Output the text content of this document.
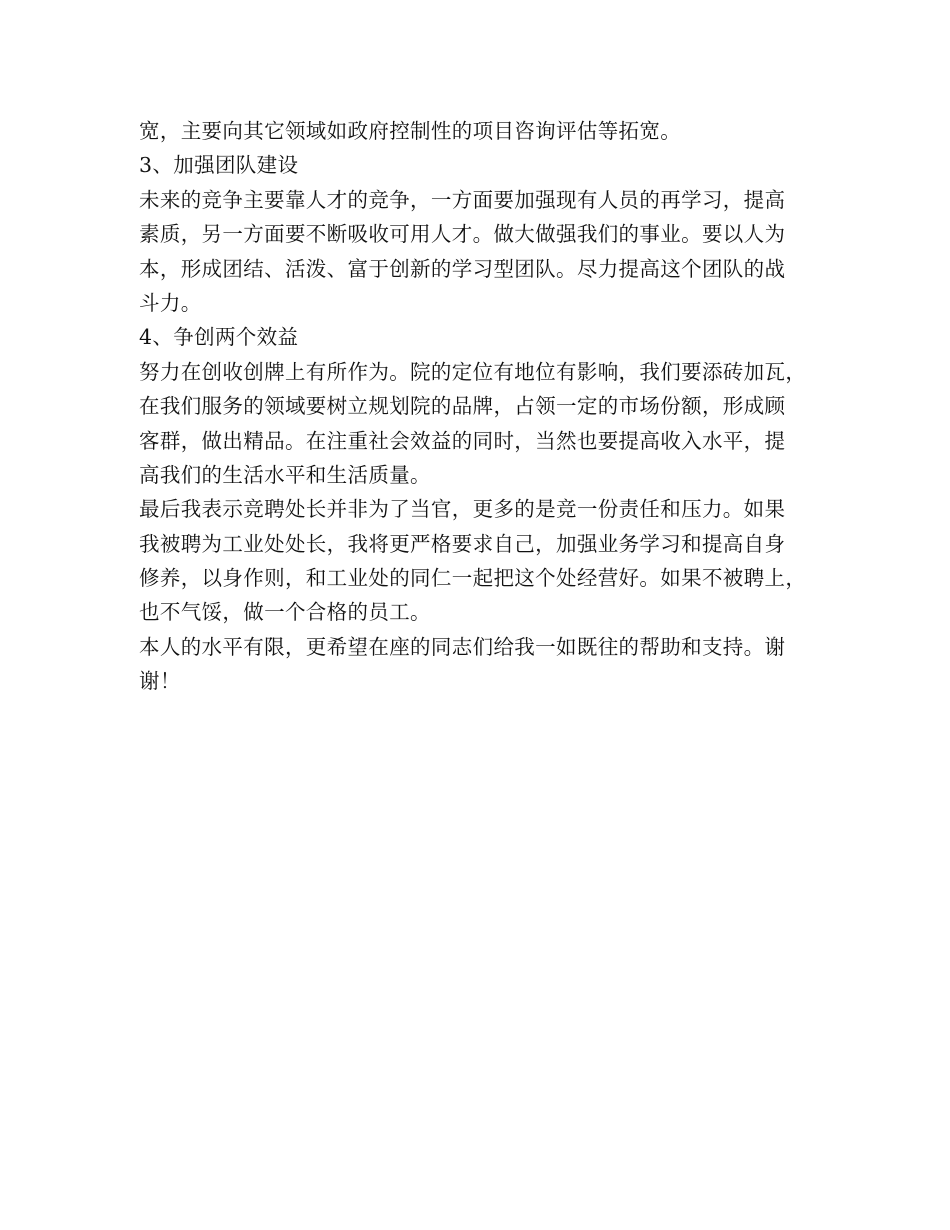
宽，主要向其它领域如政府控制性的项目咨询评估等拓宽。
3、加强团队建设
未来的竞争主要靠人才的竞争，一方面要加强现有人员的再学习，提高
素质，另一方面要不断吸收可用人才。做大做强我们的事业。要以人为
本，形成团结、活泼、富于创新的学习型团队。尽力提高这个团队的战
斗力。
4、争创两个效益
努力在创收创牌上有所作为。院的定位有地位有影响，我们要添砖加瓦，
在我们服务的领域要树立规划院的品牌，占领一定的市场份额，形成顾
客群，做出精品。在注重社会效益的同时，当然也要提高收入水平，提
高我们的生活水平和生活质量。
最后我表示竞聘处长并非为了当官，更多的是竞一份责任和压力。如果
我被聘为工业处处长，我将更严格要求自己，加强业务学习和提高自身
修养，以身作则，和工业处的同仁一起把这个处经营好。如果不被聘上，
也不气馁，做一个合格的员工。
本人的水平有限，更希望在座的同志们给我一如既往的帮助和支持。谢
谢！
